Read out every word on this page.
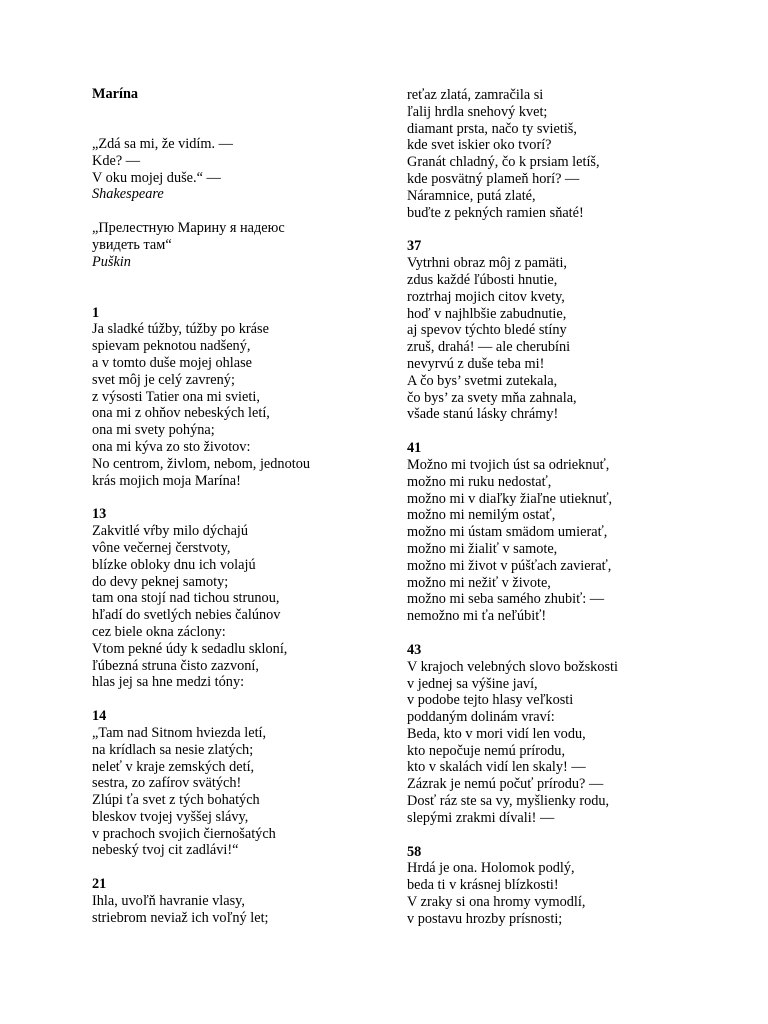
Marína
„Zdá sa mi, že vidím. —
Kde? —
V oku mojej duše.“ —
Shakespeare
„Прелестную Марину я надеюс
увидеть там“
Puškin
1
Ja sladké túžby, túžby po krásе
spievam peknotou nadšený,
a v tomto duše mojej ohlase
svet môj je celý zavrený;
z výsosti Tatier ona mi svieti,
ona mi z ohňov nebeských letí,
ona mi svety pohýna;
ona mi kýva zo sto životov:
No centrom, živlom, nebom, jednotou
krás mojich moja Marína!
13
Zakvitlé vŕby milo dýchajú
vône večernej čerstvoty,
blízke obloky dnu ich volajú
do devy peknej samoty;
tam ona stojí nad tichou strunou,
hľadí do svetlých nebies čalúnov
cez biele okna záclony:
Vtom pekné údy k sedadlu skloní,
ľúbezná struna čisto zazvoní,
hlas jej sa hne medzi tóny:
14
„Tam nad Sitnom hviezda letí,
na krídlach sa nesie zlatých;
neleť v kraje zemských detí,
sestra, zo zafírov svätých!
Zlúpi ťa svet z tých bohatých
bleskov tvojej vyššej slávy,
v prachoch svojich čiernošatých
nebeský tvoj cit zadlávi!“
21
Ihla, uvoľň havranie vlasy,
striebrom neviaž ich voľný let;
reťaz zlatá, zamračila si
ľalij hrdla snehový kvet;
diamant prsta, načo ty svietiš,
kde svet iskier oko tvorí?
Granát chladný, čo k prsiam letíš,
kde posvätný plameň horí? —
Náramnice, putá zlaté,
buďte z pekných ramien sňaté!
37
Vytrhni obraz môj z pamäti,
zdus každé ľúbosti hnutie,
roztrhaj mojich citov kvety,
hoď v najhlbšie zabudnutie,
aj spevov týchto bledé stíny
zruš, drahá! — ale cherubíni
nevyrvú z duše teba mi!
A čo bys’ svetmi zutekala,
čo bys’ za svety mňa zahnala,
všade stanú lásky chrámy!
41
Možno mi tvojich úst sa odrieknuť,
možno mi ruku nedostať,
možno mi v diaľky žiaľne utieknuť,
možno mi nemilým ostať,
možno mi ústam smädom umierať,
možno mi žialiť v samote,
možno mi život v púšťach zavierať,
možno mi nežiť v živote,
možno mi seba samého zhubiť: —
nemožno mi ťa neľúbiť!
43
V krajoch velebných slovo božskosti
v jednej sa výšine javí,
v podobe tejto hlasy veľkosti
poddaným dolinám vraví:
Beda, kto v mori vidí len vodu,
kto nepočuje nemú prírodu,
kto v skalách vidí len skaly! —
Zázrak je nemú počuť prírodu? —
Dosť ráz ste sa vy, myšlienky rodu,
slepými zrakmi dívali! —
58
Hrdá je ona. Holomok podlý,
beda ti v krásnej blízkosti!
V zraky si ona hromy vymodlí,
v postavu hrozby prísnosti;
